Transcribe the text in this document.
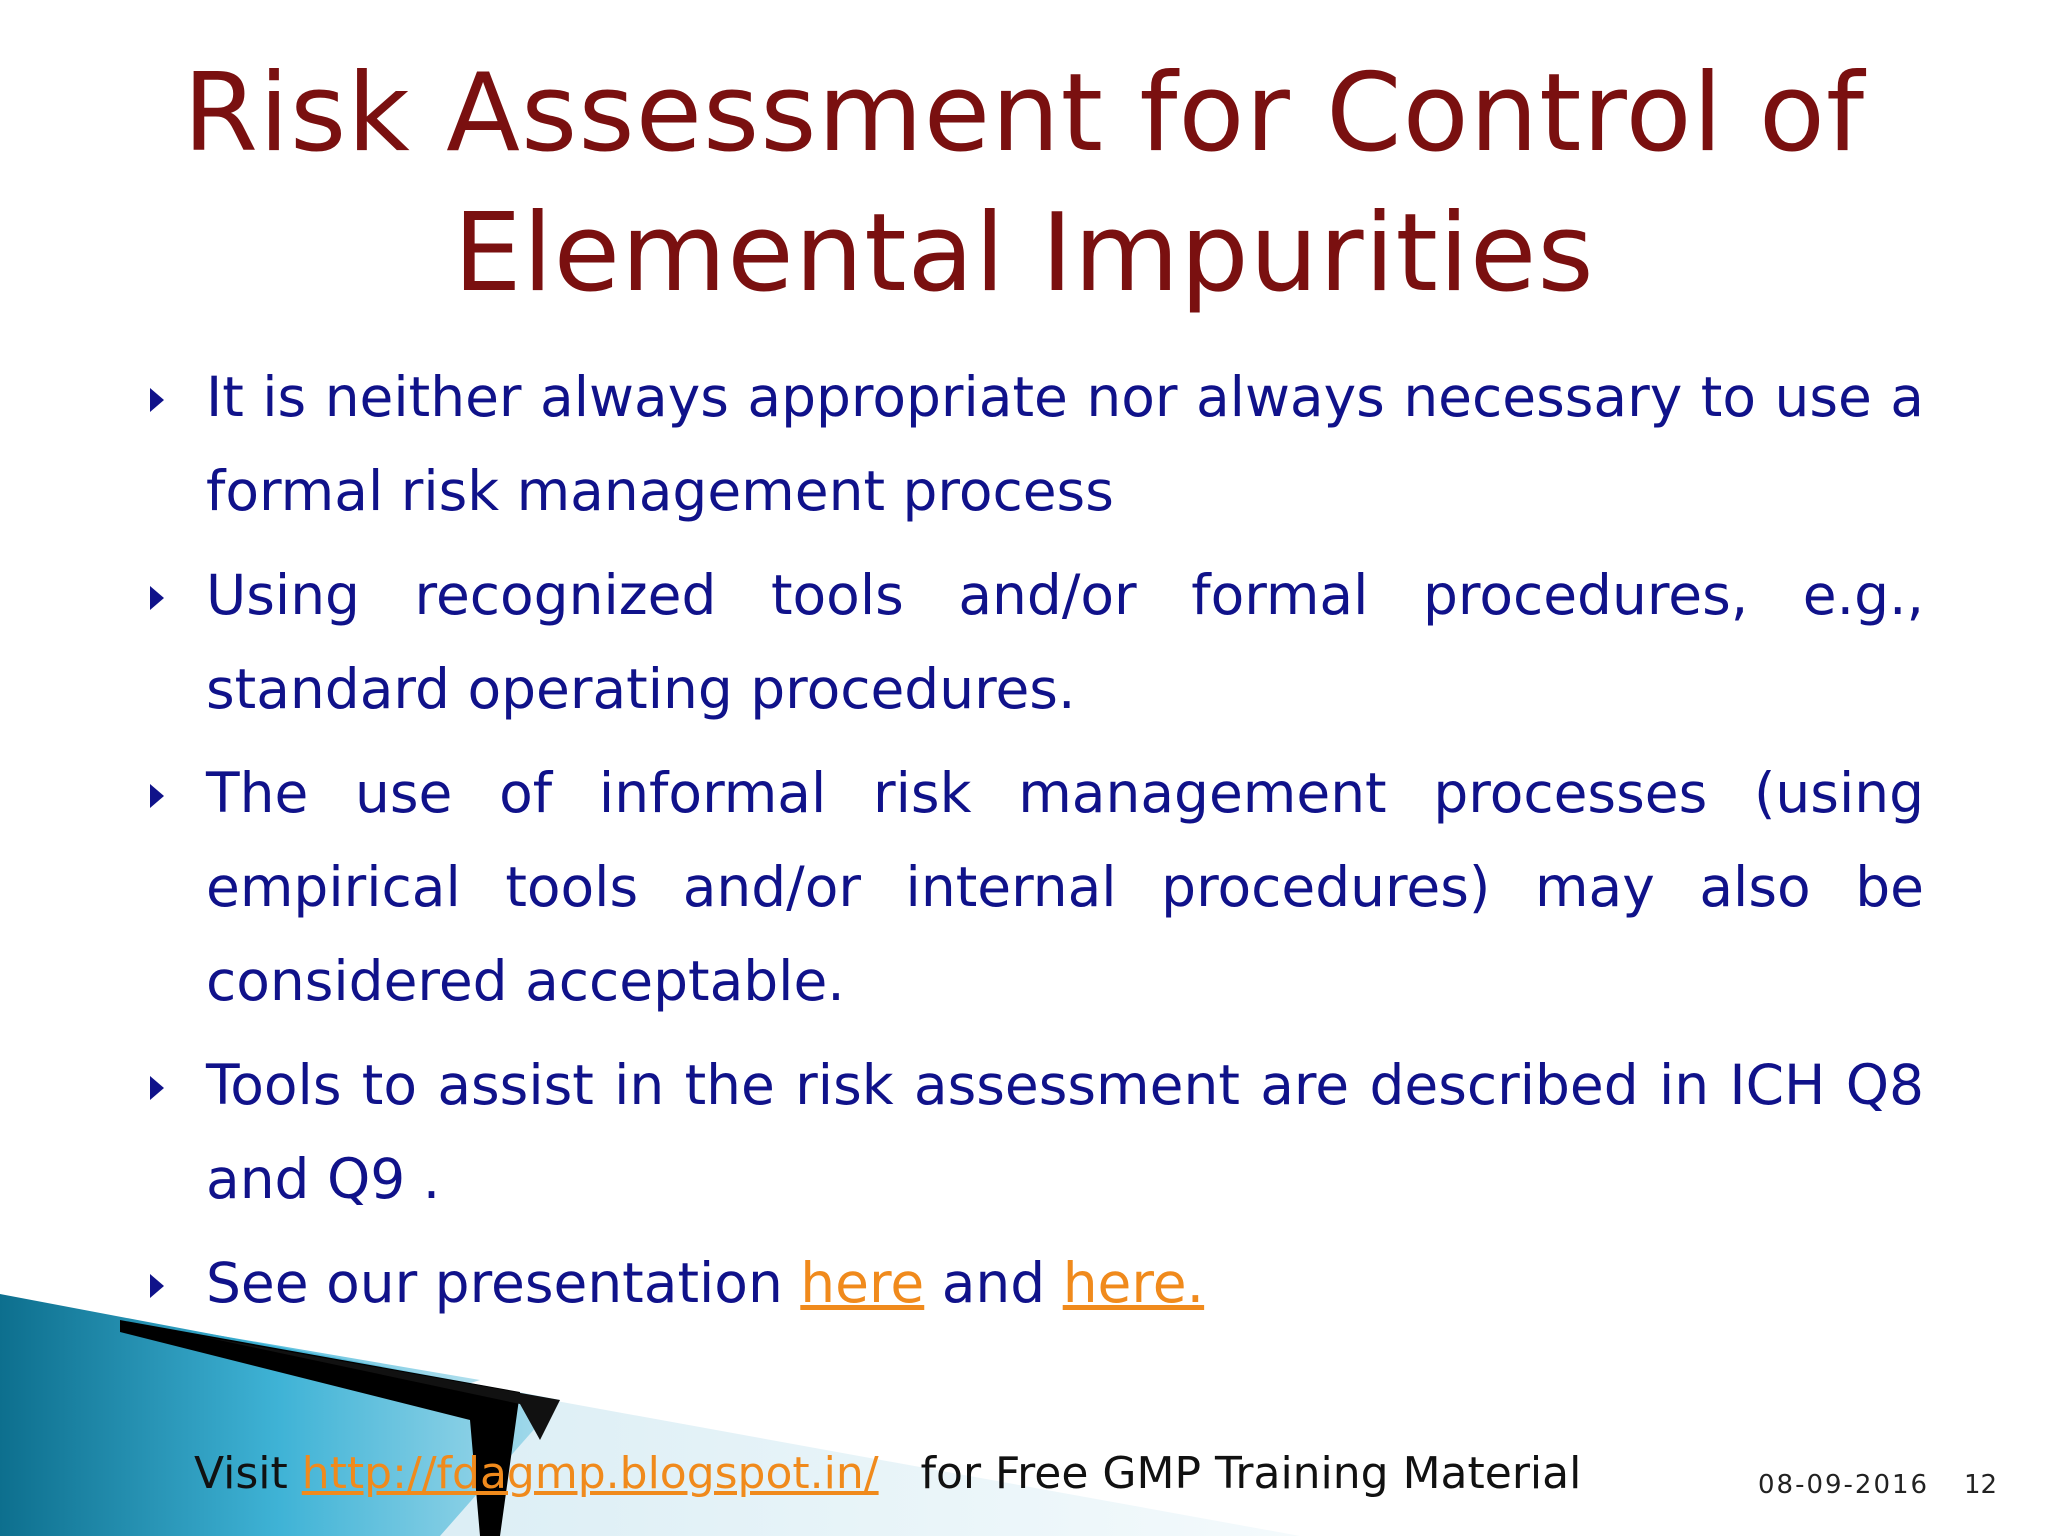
Risk Assessment for Control of
Elemental Impurities
It is neither always appropriate nor always necessary to use a formal risk management process
Using recognized tools and/or formal procedures, e.g., standard operating procedures.
The use of informal risk management processes (using empirical tools and/or internal procedures) may also be considered acceptable.
Tools to assist in the risk assessment are described in ICH Q8 and Q9 .
See our presentation here and here.
Visit http://fdagmp.blogspot.in/   for Free GMP Training Material	08-09-2016 12
